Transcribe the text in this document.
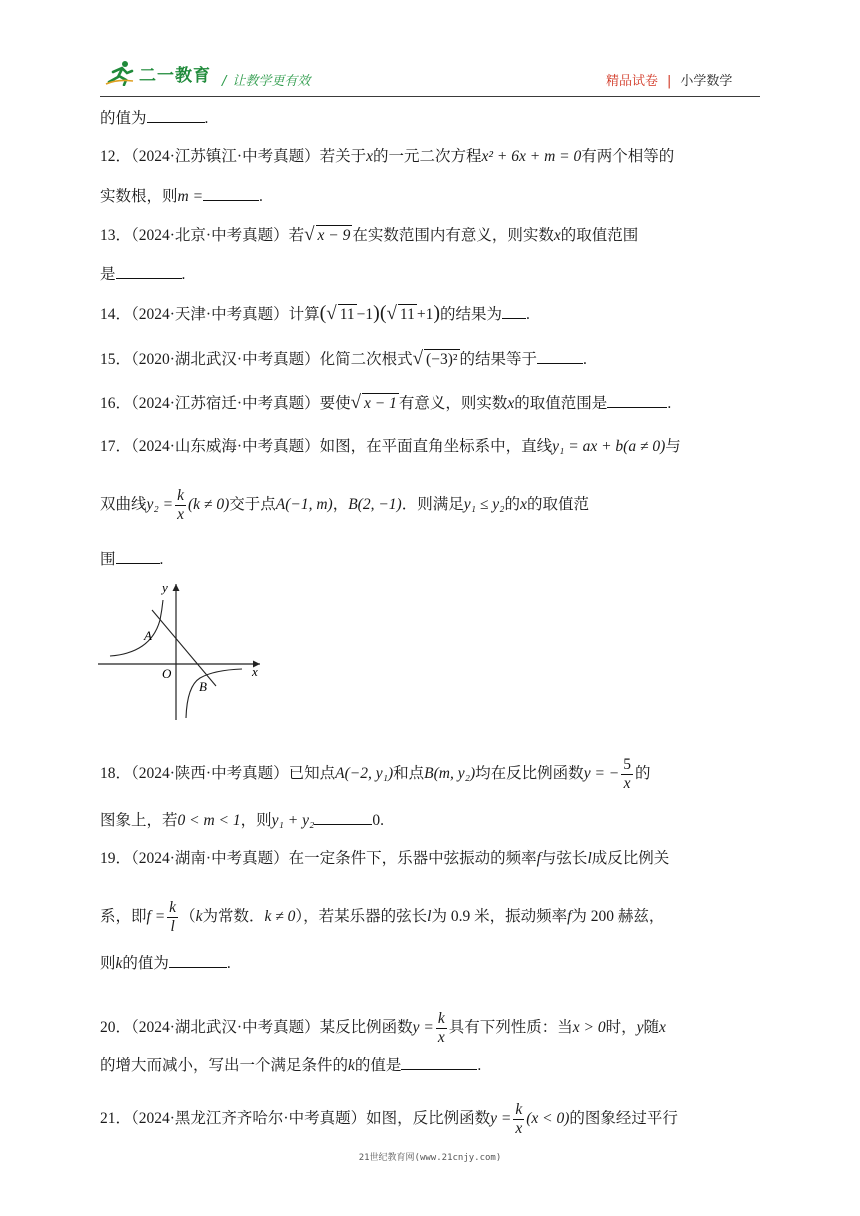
二一教育 / 让教学更有效	精品试卷 | 小学数学
的值为	.
12．（2024·江苏镇江·中考真题）若关于x的一元二次方程x² + 6x + m = 0有两个相等的
实数根，则m =	.
13．（2024·北京·中考真题）若√ x − 9 在实数范围内有意义，则实数x的取值范围
是	.
14．（2024·天津·中考真题）计算(√ 11 −1)(√ 11 +1)的结果为 .
15．（2020·湖北武汉·中考真题）化简二次根式√ (−3)² 的结果等于	.
16．（2024·江苏宿迁·中考真题）要使√ x − 1 有意义，则实数x的取值范围是	.
17．（2024·山东威海·中考真题）如图，在平面直角坐标系中，直线y₁ = ax + b(a ≠ 0)与
双曲线$y_2 = \frac{k}{x} (k \ne 0)$交于点A(−1, m)，B(2, −1)．则满足y₁ ≤ y₂的x的取值范
围	.
y
x
O
A
B
18．（2024·陕西·中考真题）已知点A(−2, y₁)和点B(m, y₂)均在反比例函数y = − $\frac{5}{x}$ 的
图象上，若0 < m < 1，则y₁ + y₂	0.
19．（2024·湖南·中考真题）在一定条件下，乐器中弦振动的频率f与弦长l成反比例关
系，即$f = \frac{k}{l} (k$为常数．k ≠ 0），若某乐器的弦长l为 0.9 米，振动频率f为 200 赫兹，
则k的值为	.
20．（2024·湖北武汉·中考真题）某反比例函数$y = \frac{k}{x}$ 具有下列性质：当x > 0时，y随x
的增大而减小，写出一个满足条件的k的值是	.
21．（2024·黑龙江齐齐哈尔·中考真题）如图，反比例函数$y = \frac{k}{x} (x < 0)$的图象经过平行
21世纪教育网(www.21cnjy.com)
